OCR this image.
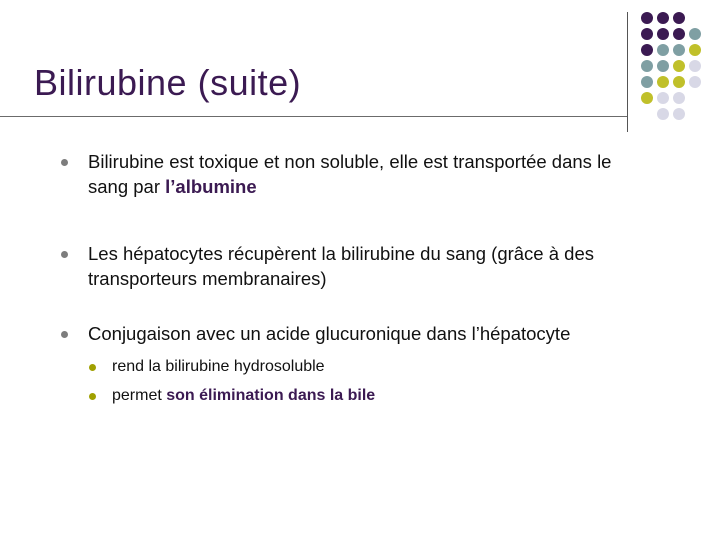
Bilirubine (suite)
Bilirubine est toxique et non soluble, elle est transportée dans le
sang par l’albumine
Les hépatocytes récupèrent la bilirubine du sang (grâce à des
transporteurs membranaires)
Conjugaison avec un acide glucuronique dans l’hépatocyte
rend la bilirubine hydrosoluble
permet son élimination dans la bile
